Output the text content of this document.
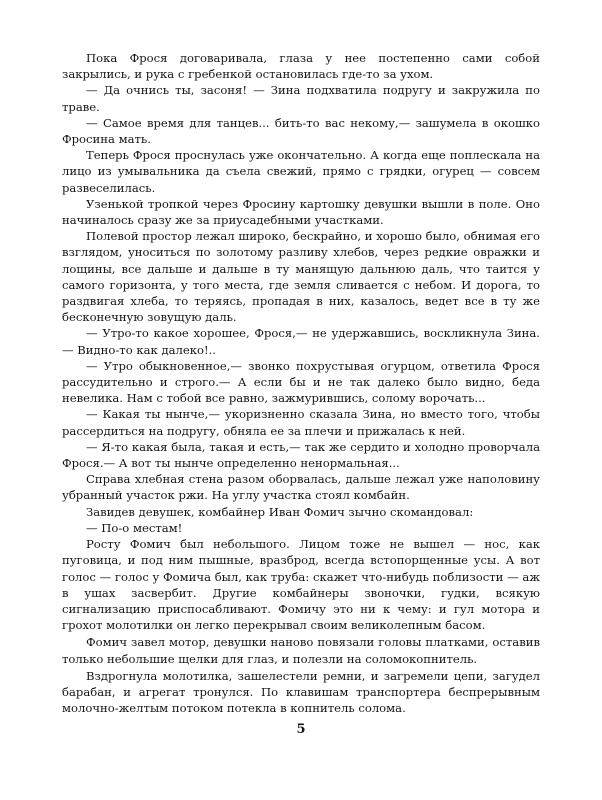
Пока Фрося договаривала, глаза у нее постепенно сами собой закрылись, и рука с гребенкой остановилась где-то за ухом.

— Да очнись ты, засоня! — Зина подхватила подругу и закружила по траве.

— Самое время для танцев... бить-то вас некому,— зашумела в окошко Фросина мать.

Теперь Фрося проснулась уже окончательно. А когда еще поплескала на лицо из умывальника да съела свежий, прямо с грядки, огурец — совсем развеселилась.

Узенькой тропкой через Фросину картошку девушки вышли в поле. Оно начиналось сразу же за приусадебными участками.

Полевой простор лежал широко, бескрайно, и хорошо было, обнимая его взглядом, уноситься по золотому разливу хлебов, через редкие овражки и лощины, все дальше и дальше в ту манящую дальнюю даль, что таится у самого горизонта, у того места, где земля сливается с небом. И дорога, то раздвигая хлеба, то теряясь, пропадая в них, казалось, ведет все в ту же бесконечную зовущую даль.

— Утро-то какое хорошее, Фрося,— не удержавшись, воскликнула Зина.— Видно-то как далеко!..

— Утро обыкновенное,— звонко похрустывая огурцом, ответила Фрося рассудительно и строго.— А если бы и не так далеко было видно, беда невелика. Нам с тобой все равно, зажмурившись, солому ворочать...

— Какая ты нынче,— укоризненно сказала Зина, но вместо того, чтобы рассердиться на подругу, обняла ее за плечи и прижалась к ней.

— Я-то какая была, такая и есть,— так же сердито и холодно проворчала Фрося.— А вот ты нынче определенно ненормальная...

Справа хлебная стена разом оборвалась, дальше лежал уже наполовину убранный участок ржи. На углу участка стоял комбайн.

Завидев девушек, комбайнер Иван Фомич зычно скомандовал:

— По-о местам!

Росту Фомич был небольшого. Лицом тоже не вышел — нос, как пуговица, и под ним пышные, вразброд, всегда встопорщенные усы. А вот голос — голос у Фомича был, как труба: скажет что-нибудь поблизости — аж в ушах засвербит. Другие комбайнеры звоночки, гудки, всякую сигнализацию приспосабливают. Фомичу это ни к чему: и гул мотора и грохот молотилки он легко перекрывал своим великолепным басом.

Фомич завел мотор, девушки наново повязали головы платками, оставив только небольшие щелки для глаз, и полезли на соломокопнитель.

Вздрогнула молотилка, зашелестели ремни, и загремели цепи, загудел барабан, и агрегат тронулся. По клавишам транспортера беспрерывным молочно-желтым потоком потекла в копнитель солома.

5
